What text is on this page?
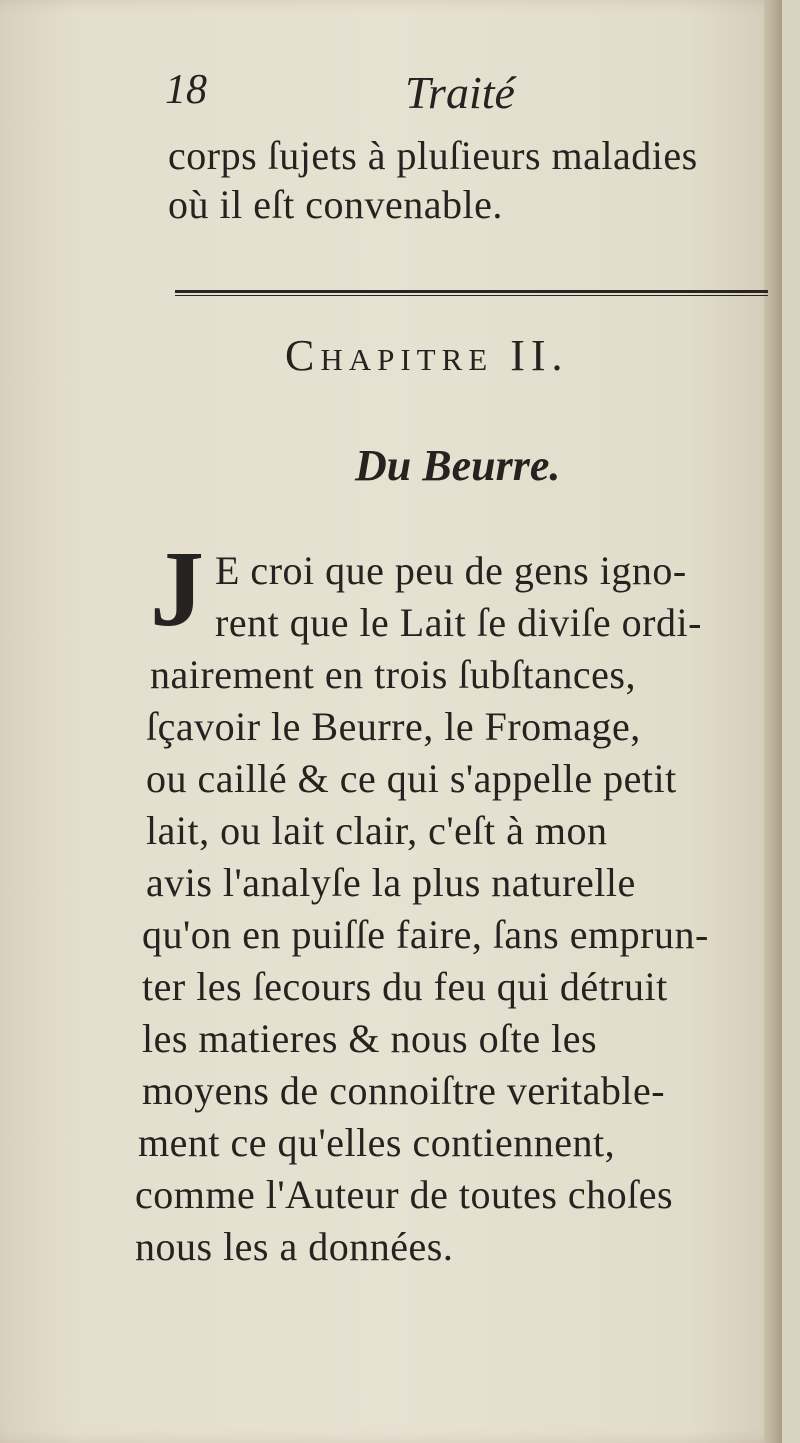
18	Traité
corps ſujets à pluſieurs maladies
où il eſt convenable.
Chapitre II.
Du Beurre.
J E croi que peu de gens igno-
rent que le Lait ſe diviſe ordi-
nairement en trois ſubſtances,
ſçavoir le Beurre, le Fromage,
ou caillé & ce qui s'appelle petit
lait, ou lait clair, c'eſt à mon
avis l'analyſe la plus naturelle
qu'on en puiſſe faire, ſans emprun-
ter les ſecours du feu qui détruit
les matieres & nous oſte les
moyens de connoiſtre veritable-
ment ce qu'elles contiennent,
comme l'Auteur de toutes choſes
nous les a données.
